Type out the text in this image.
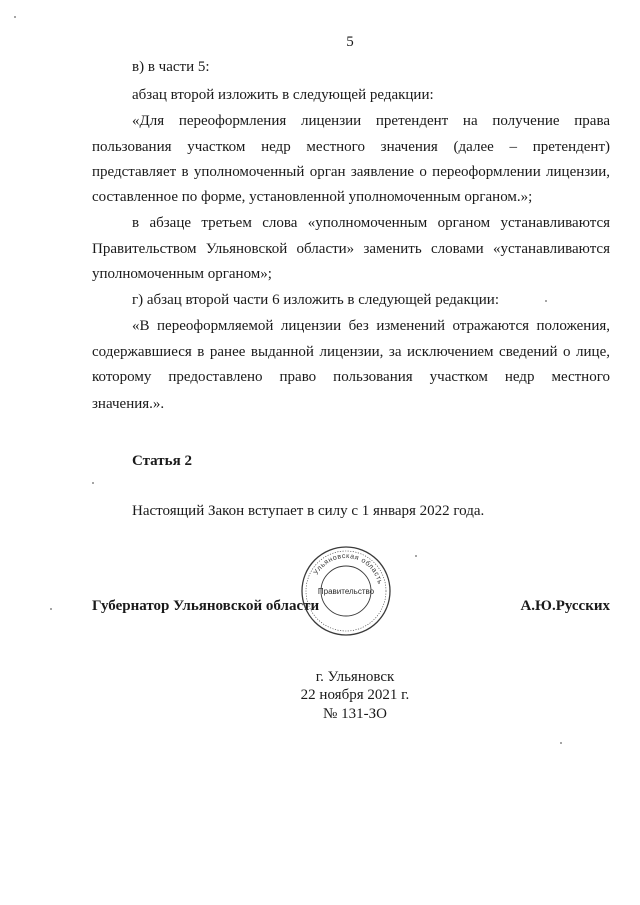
5
в) в части 5:
абзац второй изложить в следующей редакции:
«Для переоформления лицензии претендент на получение права
пользования участком недр местного значения (далее – претендент)
представляет в уполномоченный орган заявление о переоформлении лицензии,
составленное по форме, установленной уполномоченным органом.»;
в абзаце третьем слова «уполномоченным органом устанавливаются
Правительством Ульяновской области» заменить словами «устанавливаются
уполномоченным органом»;
г) абзац второй части 6 изложить в следующей редакции:
«В переоформляемой лицензии без изменений отражаются положения,
содержавшиеся в ранее выданной лицензии, за исключением сведений о лице,
которому предоставлено право пользования участком недр местного
значения.».
Статья 2
Настоящий Закон вступает в силу с 1 января 2022 года.
Губернатор Ульяновской области	А.Ю.Русских
Ульяновская область
Правительство
г. Ульяновск
22 ноября 2021 г.
№ 131-ЗО
